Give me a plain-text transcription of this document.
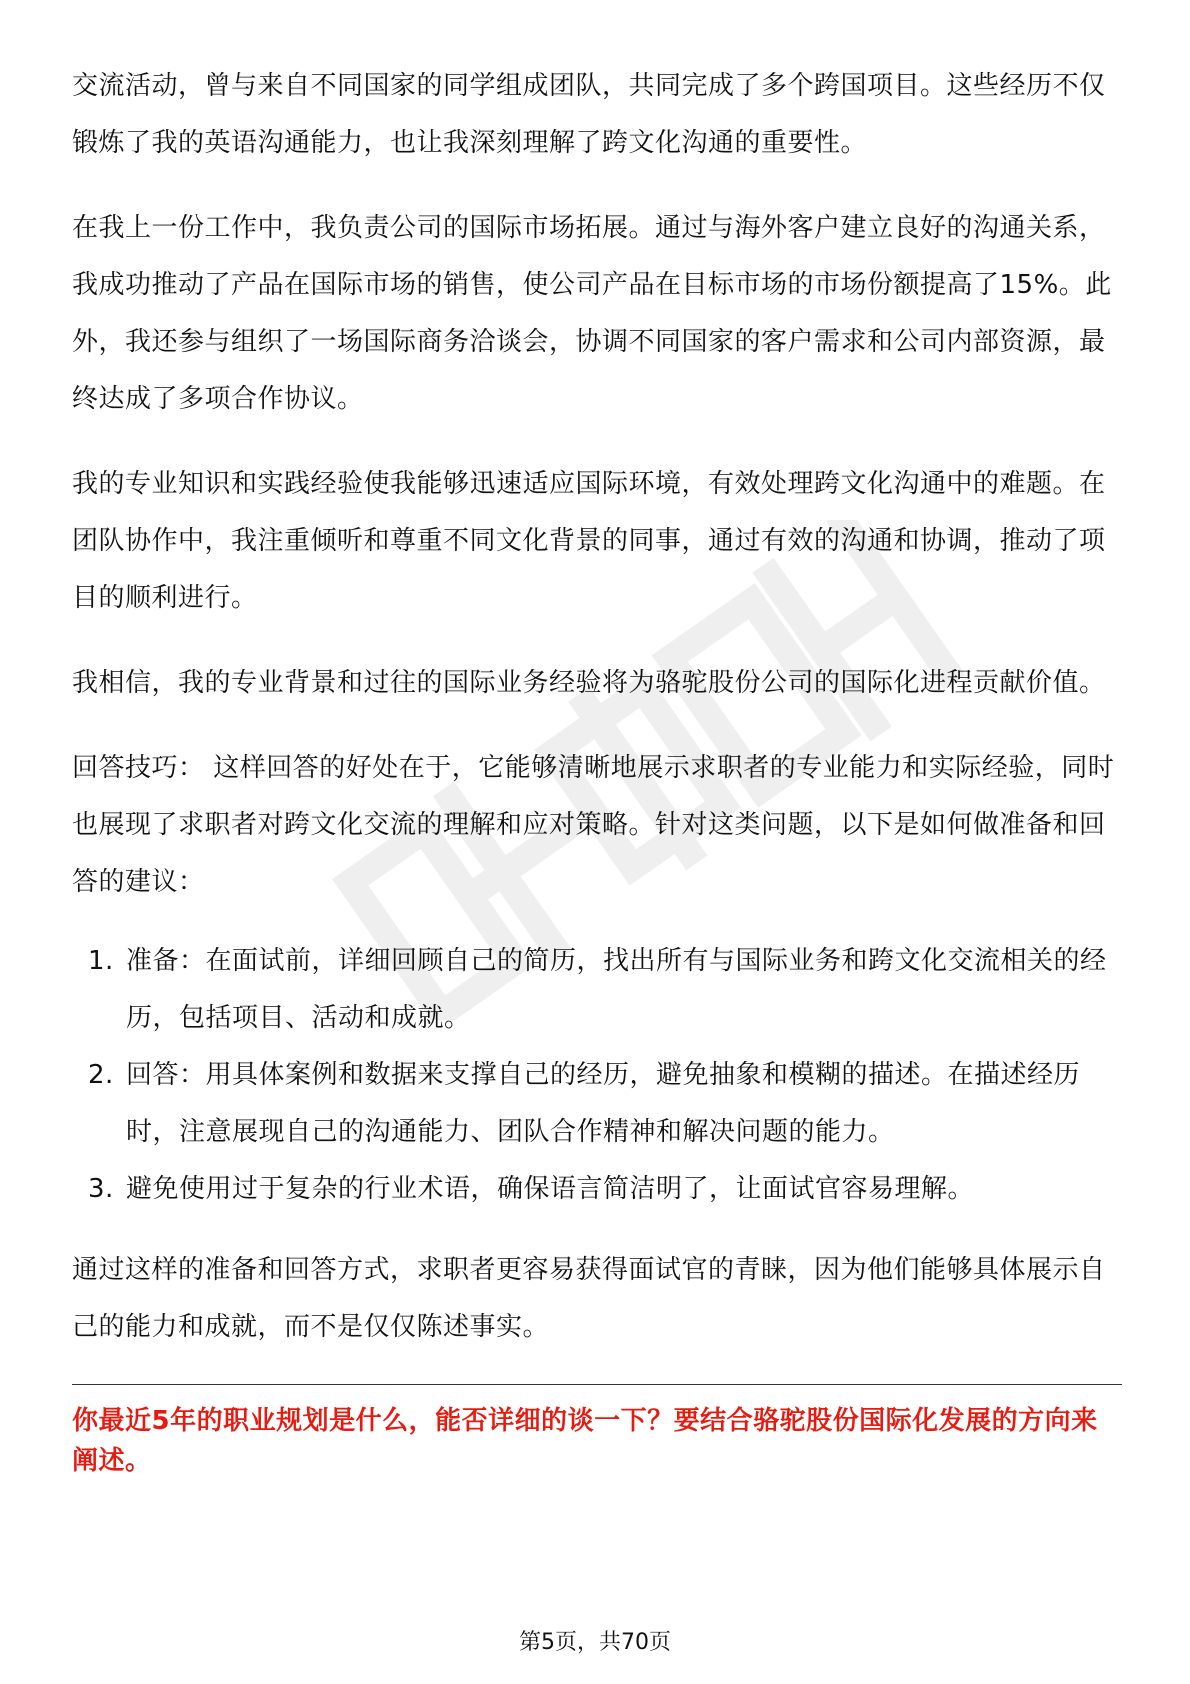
交流活动，曾与来自不同国家的同学组成团队，共同完成了多个跨国项目。这些经历不仅锻炼了我的英语沟通能力，也让我深刻理解了跨文化沟通的重要性。

在我上一份工作中，我负责公司的国际市场拓展。通过与海外客户建立良好的沟通关系，我成功推动了产品在国际市场的销售，使公司产品在目标市场的市场份额提高了15%。此外，我还参与组织了一场国际商务洽谈会，协调不同国家的客户需求和公司内部资源，最终达成了多项合作协议。

我的专业知识和实践经验使我能够迅速适应国际环境，有效处理跨文化沟通中的难题。在团队协作中，我注重倾听和尊重不同文化背景的同事，通过有效的沟通和协调，推动了项目的顺利进行。

我相信，我的专业背景和过往的国际业务经验将为骆驼股份公司的国际化进程贡献价值。

回答技巧： 这样回答的好处在于，它能够清晰地展示求职者的专业能力和实际经验，同时也展现了求职者对跨文化交流的理解和应对策略。针对这类问题，以下是如何做准备和回答的建议：

1. 准备：在面试前，详细回顾自己的简历，找出所有与国际业务和跨文化交流相关的经历，包括项目、活动和成就。
2. 回答：用具体案例和数据来支撑自己的经历，避免抽象和模糊的描述。在描述经历时，注意展现自己的沟通能力、团队合作精神和解决问题的能力。
3. 避免使用过于复杂的行业术语，确保语言简洁明了，让面试官容易理解。

通过这样的准备和回答方式，求职者更容易获得面试官的青睐，因为他们能够具体展示自己的能力和成就，而不是仅仅陈述事实。

你最近5年的职业规划是什么，能否详细的谈一下？要结合骆驼股份国际化发展的方向来阐述。
第5页，共70页
